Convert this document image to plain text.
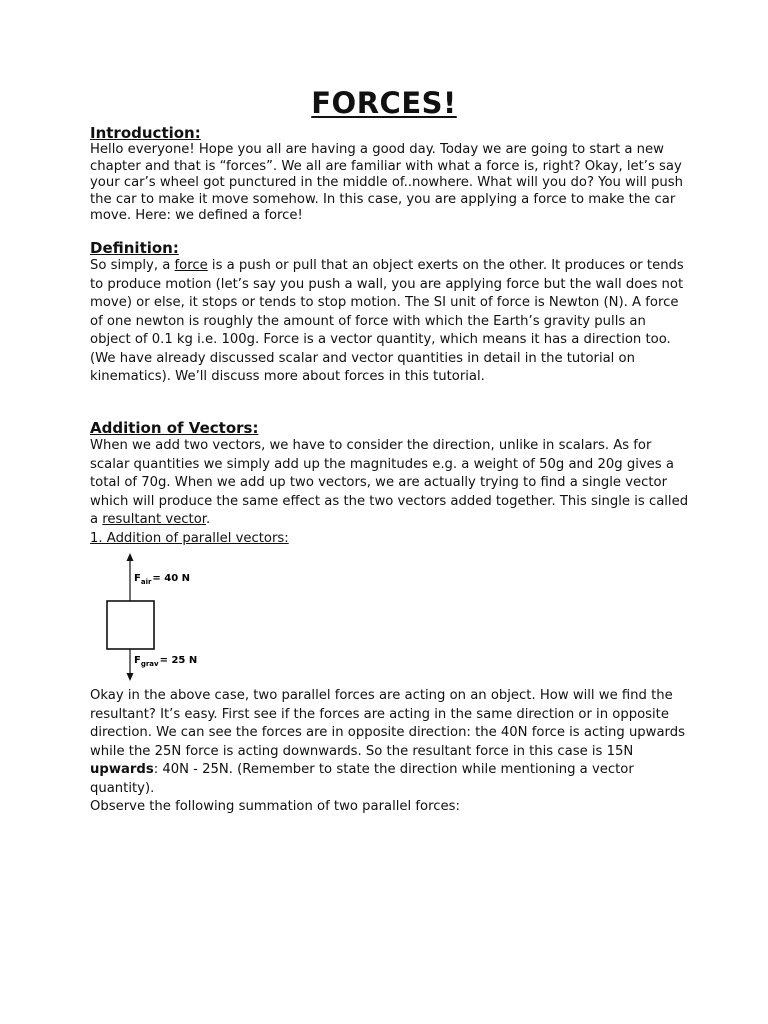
FORCES!
Introduction:

Hello everyone! Hope you all are having a good day. Today we are going to start a new chapter and that is “forces”. We all are familiar with what a force is, right? Okay, let’s say your car’s wheel got punctured in the middle of..nowhere. What will you do? You will push the car to make it move somehow. In this case, you are applying a force to make the car move. Here: we defined a force!

Definition:

So simply, a force is a push or pull that an object exerts on the other. It produces or tends to produce motion (let’s say you push a wall, you are applying force but the wall does not move) or else, it stops or tends to stop motion. The SI unit of force is Newton (N). A force of one newton is roughly the amount of force with which the Earth’s gravity pulls an object of 0.1 kg i.e. 100g. Force is a vector quantity, which means it has a direction too. (We have already discussed scalar and vector quantities in detail in the tutorial on kinematics). We’ll discuss more about forces in this tutorial.

Addition of Vectors:

When we add two vectors, we have to consider the direction, unlike in scalars. As for scalar quantities we simply add up the magnitudes e.g. a weight of 50g and 20g gives a total of 70g. When we add up two vectors, we are actually trying to find a single vector which will produce the same effect as the two vectors added together. This single is called a resultant vector.

1. Addition of parallel vectors:

$F_{air}= 40$ N
$F_{grav}= 25$ N

Okay in the above case, two parallel forces are acting on an object. How will we find the resultant? It’s easy. First see if the forces are acting in the same direction or in opposite direction. We can see the forces are in opposite direction: the 40N force is acting upwards while the 25N force is acting downwards. So the resultant force in this case is 15N upwards: 40N - 25N. (Remember to state the direction while mentioning a vector quantity).

Observe the following summation of two parallel forces:
